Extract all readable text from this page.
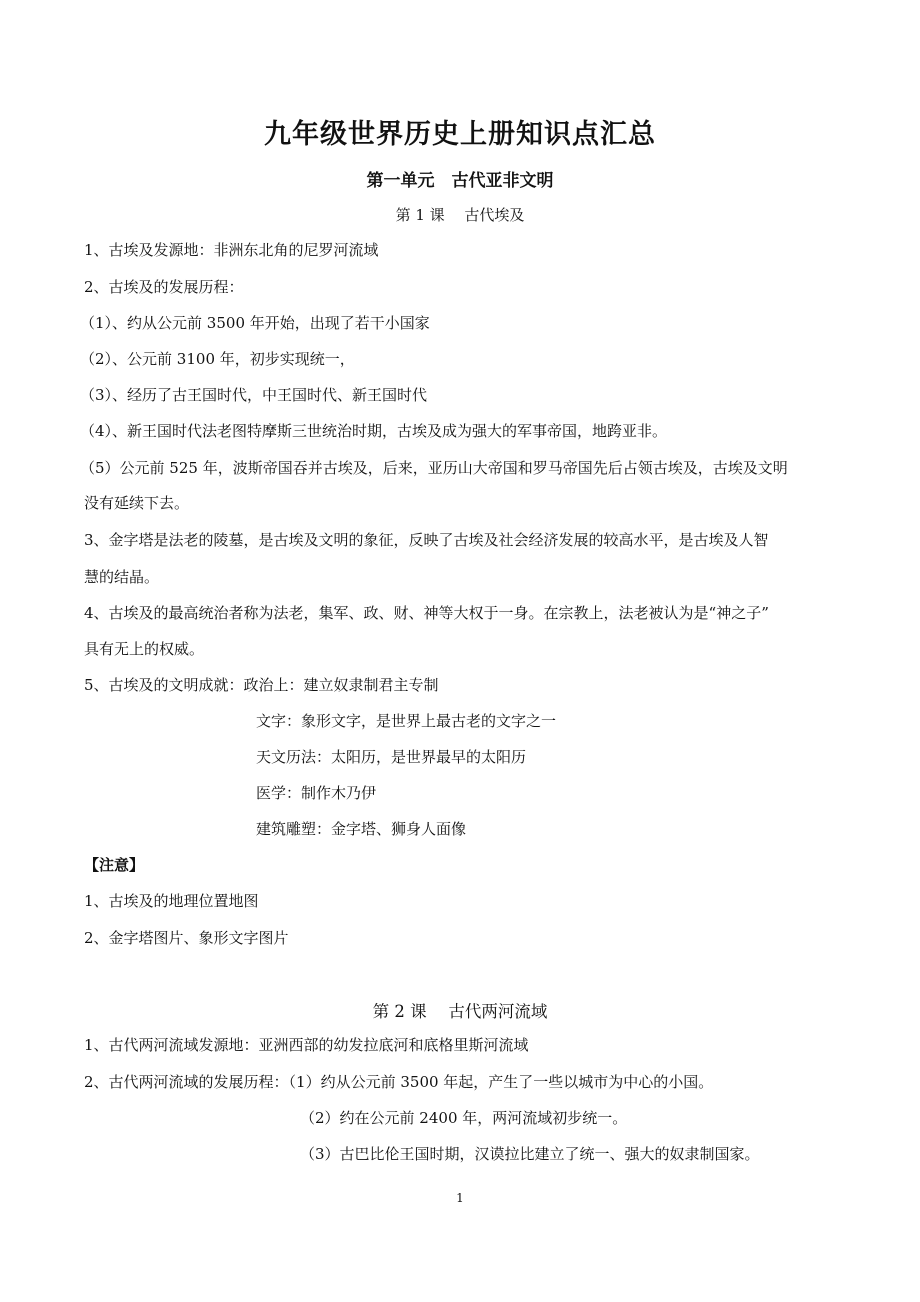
九年级世界历史上册知识点汇总
第一单元　古代亚非文明
第 1 课　 古代埃及
1、古埃及发源地：非洲东北角的尼罗河流域
2、古埃及的发展历程：
（1）、约从公元前 3500 年开始，出现了若干小国家
（2）、公元前 3100 年，初步实现统一，
（3）、经历了古王国时代，中王国时代、新王国时代
（4）、新王国时代法老图特摩斯三世统治时期，古埃及成为强大的军事帝国，地跨亚非。
（5）公元前 525 年，波斯帝国吞并古埃及，后来，亚历山大帝国和罗马帝国先后占领古埃及，古埃及文明
没有延续下去。
3、金字塔是法老的陵墓，是古埃及文明的象征，反映了古埃及社会经济发展的较高水平，是古埃及人智
慧的结晶。
4、古埃及的最高统治者称为法老，集军、政、财、神等大权于一身。在宗教上，法老被认为是“神之子”
具有无上的权威。
5、古埃及的文明成就：政治上：建立奴隶制君主专制
文字：象形文字，是世界上最古老的文字之一
天文历法：太阳历，是世界最早的太阳历
医学：制作木乃伊
建筑雕塑：金字塔、狮身人面像
【注意】
1、古埃及的地理位置地图
2、金字塔图片、象形文字图片
第 2 课　 古代两河流域
1、古代两河流域发源地：亚洲西部的幼发拉底河和底格里斯河流域
2、古代两河流域的发展历程：（1）约从公元前 3500 年起，产生了一些以城市为中心的小国。
（2）约在公元前 2400 年，两河流域初步统一。
（3）古巴比伦王国时期，汉谟拉比建立了统一、强大的奴隶制国家。
1
